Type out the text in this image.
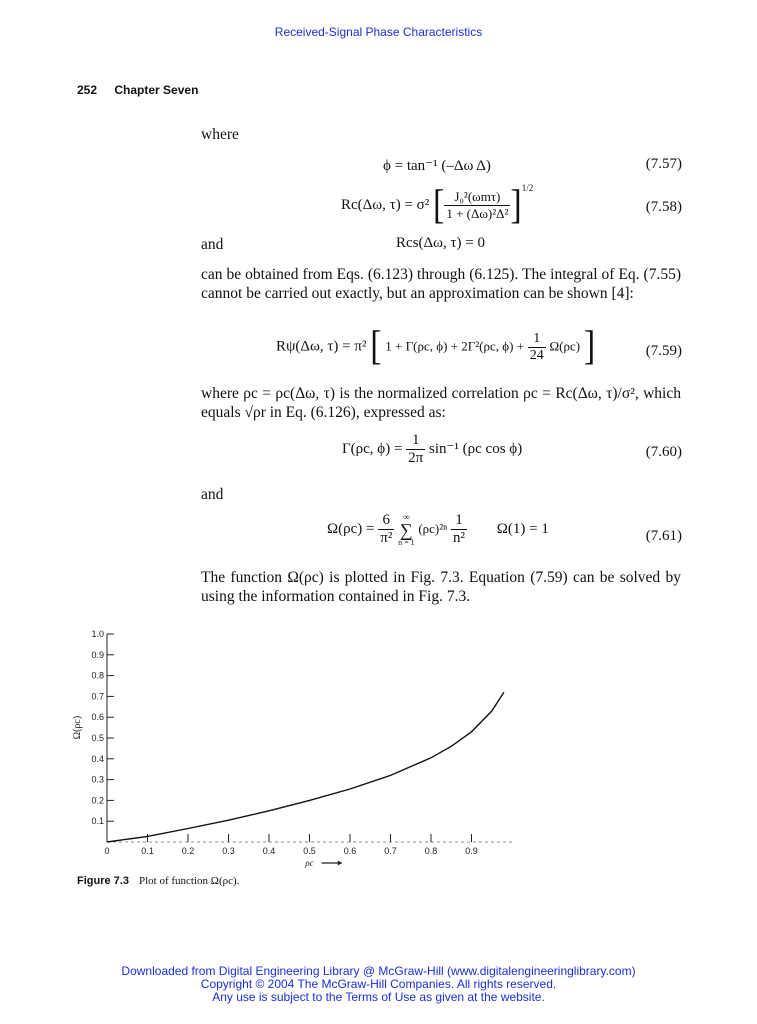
Received-Signal Phase Characteristics
252 Chapter Seven
where
ϕ = tan⁻¹ (–Δω Δ)	(7.57)
Rc(Δω, τ) = σ² [ $\frac{\text{J₀²(ωmτ)}}{\text{1 + (Δω)²Δ²}} ]^{1/2}$
(7.58)
and	Rcs(Δω, τ) = 0
can be obtained from Eqs. (6.123) through (6.125). The integral of Eq. (7.55) cannot be carried out exactly, but an approximation can be shown [4]:
Rψ(Δω, τ) = π² [ 1 + Γ(ρc, ϕ) + 2Γ²(ρc, $\phi) + \frac{1}{24} \Omega(\rho c)$ ]	(7.59)
where ρc = ρc(Δω, τ) is the normalized correlation ρc = Rc(Δω, τ)/σ², which equals √ρr in Eq. (6.126), expressed as:
Γ(ρc, $\phi) = \frac{1}{2\pi} \sin^{-1}$ (ρc cos ϕ)	(7.60)
and
$\Omega(\rho c) = \frac{6}{\text{π²}}$
∞
∑
n = 1
$(\rho c)^{2n} \frac{1}{\text{n²}} \Omega(1) = 1$	(7.61)
The function Ω(ρc) is plotted in Fig. 7.3. Equation (7.59) can be solved by using the information contained in Fig. 7.3.
0.1
0.2
0.3
0.4
0.5
0.6
0.7
0.8
0.9
1.0
0	0.1	0.2	0.3	0.4	0.5	0.6	0.7	0.8	0.9
ρc
Ω(ρc)
Figure 7.3 Plot of function Ω(ρc).
Downloaded from Digital Engineering Library @ McGraw-Hill (www.digitalengineeringlibrary.com)
Copyright © 2004 The McGraw-Hill Companies. All rights reserved.
Any use is subject to the Terms of Use as given at the website.
